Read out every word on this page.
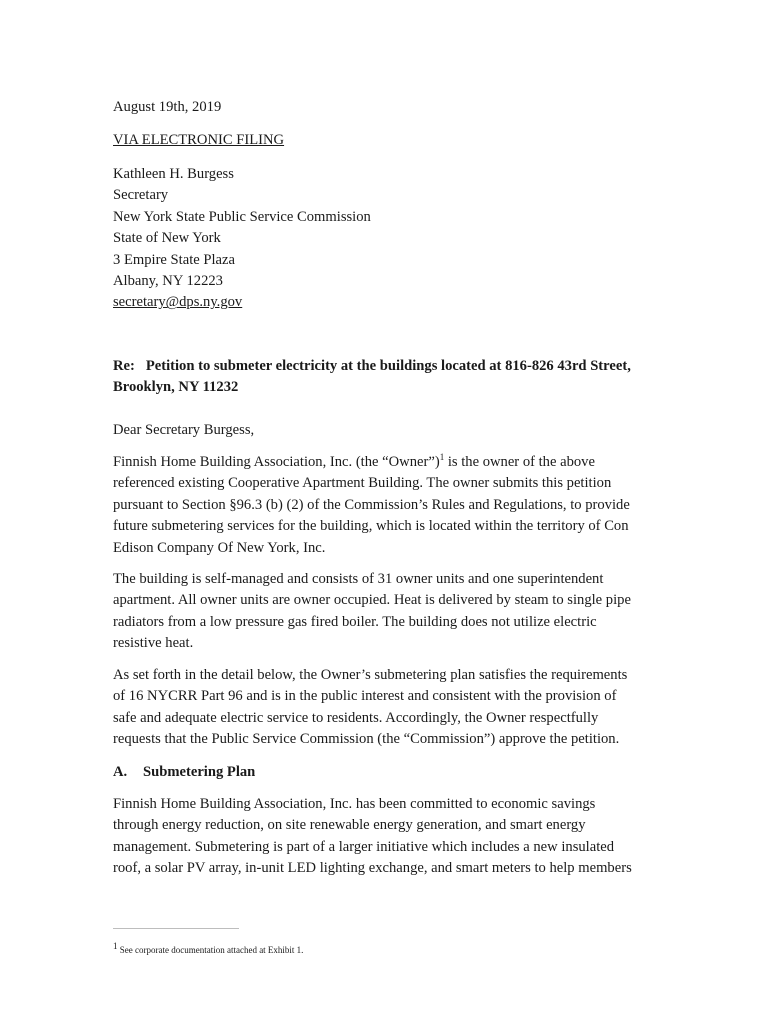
August 19th, 2019
VIA ELECTRONIC FILING
Kathleen H. Burgess
Secretary
New York State Public Service Commission
State of New York
3 Empire State Plaza
Albany, NY 12223
secretary@dps.ny.gov
Re:   Petition to submeter electricity at the buildings located at 816-826 43rd Street,
Brooklyn, NY 11232
Dear Secretary Burgess,
Finnish Home Building Association, Inc. (the “Owner”)$^1$ is the owner of the above
referenced existing Cooperative Apartment Building. The owner submits this petition
pursuant to Section §96.3 (b) (2) of the Commission’s Rules and Regulations, to provide
future submetering services for the building, which is located within the territory of Con
Edison Company Of New York, Inc.
The building is self-managed and consists of 31 owner units and one superintendent
apartment. All owner units are owner occupied. Heat is delivered by steam to single pipe
radiators from a low pressure gas fired boiler. The building does not utilize electric
resistive heat.
As set forth in the detail below, the Owner’s submetering plan satisfies the requirements
of 16 NYCRR Part 96 and is in the public interest and consistent with the provision of
safe and adequate electric service to residents. Accordingly, the Owner respectfully
requests that the Public Service Commission (the “Commission”) approve the petition.
A. Submetering Plan
Finnish Home Building Association, Inc. has been committed to economic savings
through energy reduction, on site renewable energy generation, and smart energy
management. Submetering is part of a larger initiative which includes a new insulated
roof, a solar PV array, in-unit LED lighting exchange, and smart meters to help members
$^1$ See corporate documentation attached at Exhibit 1.
